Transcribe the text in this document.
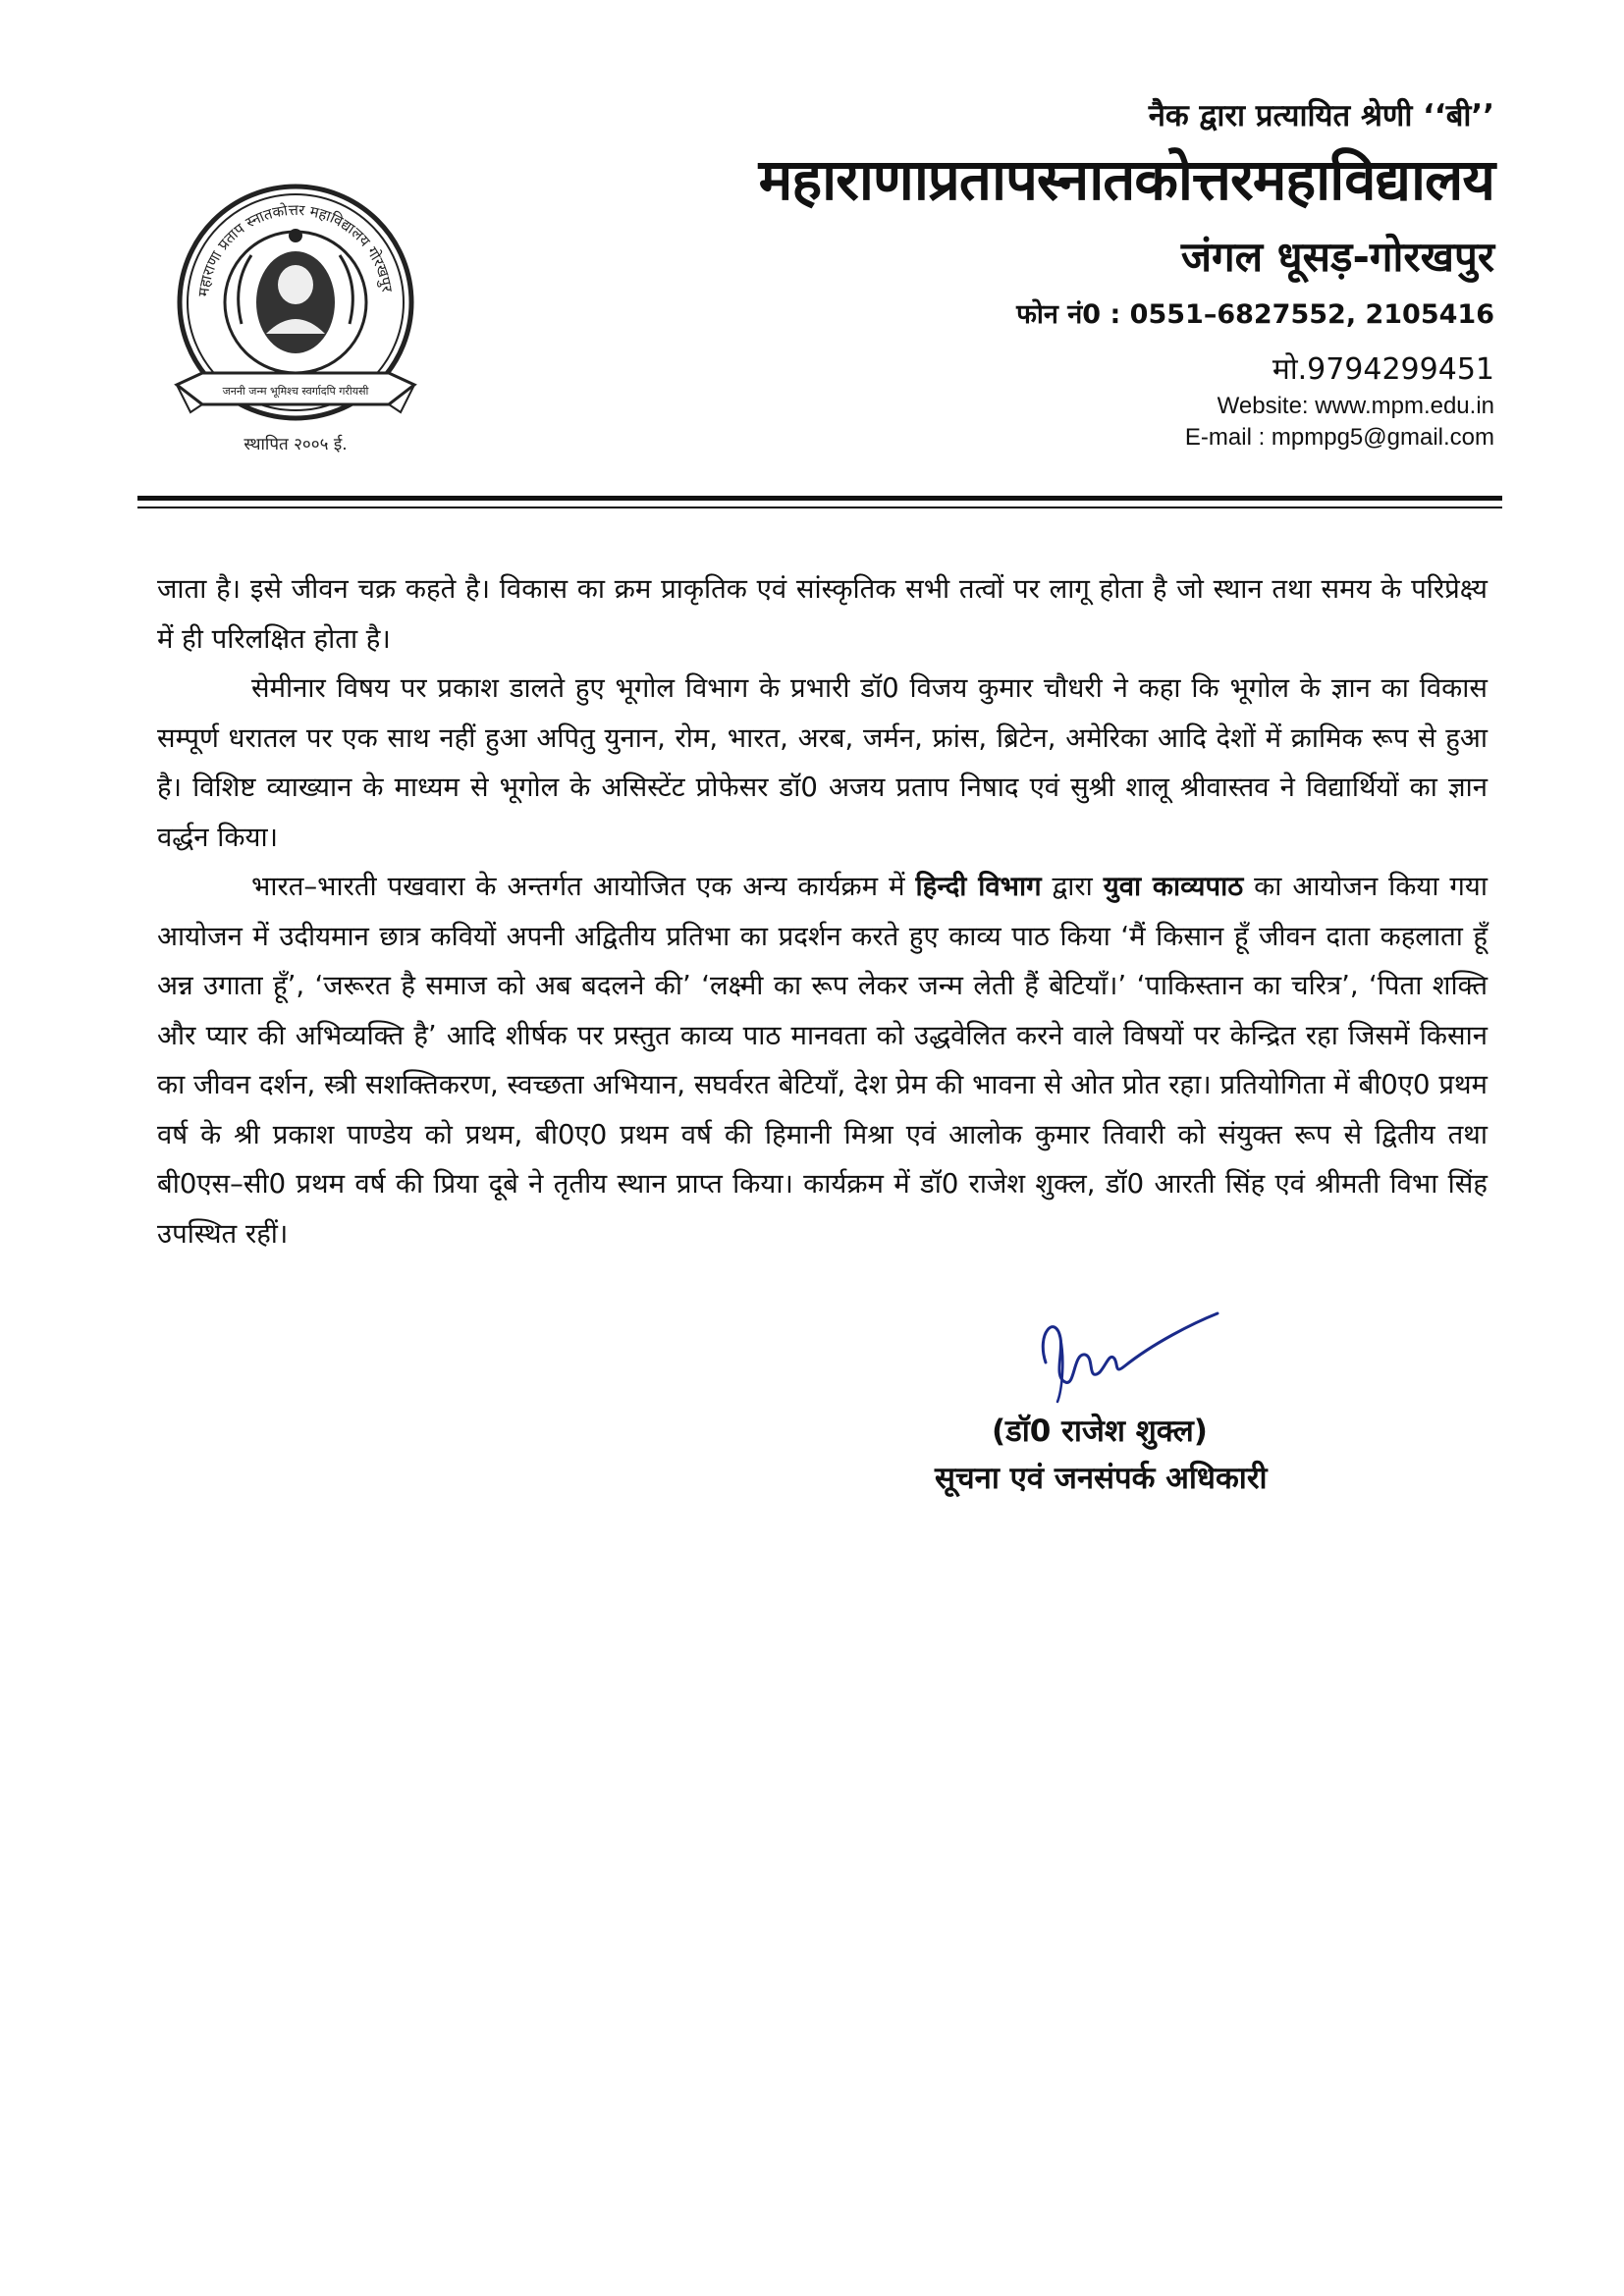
महाराणा प्रताप स्नातकोत्तर महाविद्यालय गोरखपुर
जननी जन्म भूमिश्च स्वर्गादपि गरीयसी
स्थापित २००५ ई.
नैक द्वारा प्रत्यायित श्रेणी ‘‘बी’’
महाराणाप्रतापस्नातकोत्तरमहाविद्यालय
जंगल धूसड़-गोरखपुर
फोन नं0 : 0551–6827552, 2105416
मो.9794299451
Website: www.mpm.edu.in
E-mail : mpmpg5@gmail.com

जाता है। इसे जीवन चक्र कहते है। विकास का क्रम प्राकृतिक एवं सांस्कृतिक सभी तत्वों पर लागू होता है जो स्थान तथा समय के परिप्रेक्ष्य में ही परिलक्षित होता है।

सेमीनार विषय पर प्रकाश डालते हुए भूगोल विभाग के प्रभारी डॉ0 विजय कुमार चौधरी ने कहा कि भूगोल के ज्ञान का विकास सम्पूर्ण धरातल पर एक साथ नहीं हुआ अपितु युनान, रोम, भारत, अरब, जर्मन, फ्रांस, ब्रिटेन, अमेरिका आदि देशों में क्रामिक रूप से हुआ है। विशिष्ट व्याख्यान के माध्यम से भूगोल के असिस्टेंट प्रोफेसर डॉ0 अजय प्रताप निषाद एवं सुश्री शालू श्रीवास्तव ने विद्यार्थियों का ज्ञान वर्द्धन किया।

भारत–भारती पखवारा के अन्तर्गत आयोजित एक अन्य कार्यक्रम में हिन्दी विभाग द्वारा युवा काव्यपाठ का आयोजन किया गया आयोजन में उदीयमान छात्र कवियों अपनी अद्वितीय प्रतिभा का प्रदर्शन करते हुए काव्य पाठ किया ‘मैं किसान हूँ जीवन दाता कहलाता हूँ अन्न उगाता हूँ’, ‘जरूरत है समाज को अब बदलने की’ ‘लक्ष्मी का रूप लेकर जन्म लेती हैं बेटियाँ।’ ‘पाकिस्तान का चरित्र’, ‘पिता शक्ति और प्यार की अभिव्यक्ति है’ आदि शीर्षक पर प्रस्तुत काव्य पाठ मानवता को उद्धवेलित करने वाले विषयों पर केन्द्रित रहा जिसमें किसान का जीवन दर्शन, स्त्री सशक्तिकरण, स्वच्छता अभियान, सघर्वरत बेटियाँ, देश प्रेम की भावना से ओत प्रोत रहा। प्रतियोगिता में बी0ए0 प्रथम वर्ष के श्री प्रकाश पाण्डेय को प्रथम, बी0ए0 प्रथम वर्ष की हिमानी मिश्रा एवं आलोक कुमार तिवारी को संयुक्त रूप से द्वितीय तथा बी0एस–सी0 प्रथम वर्ष की प्रिया दूबे ने तृतीय स्थान प्राप्त किया। कार्यक्रम में डॉ0 राजेश शुक्ल, डॉ0 आरती सिंह एवं श्रीमती विभा सिंह उपस्थित रहीं।

(डॉ0 राजेश शुक्ल)
सूचना एवं जनसंपर्क अधिकारी
